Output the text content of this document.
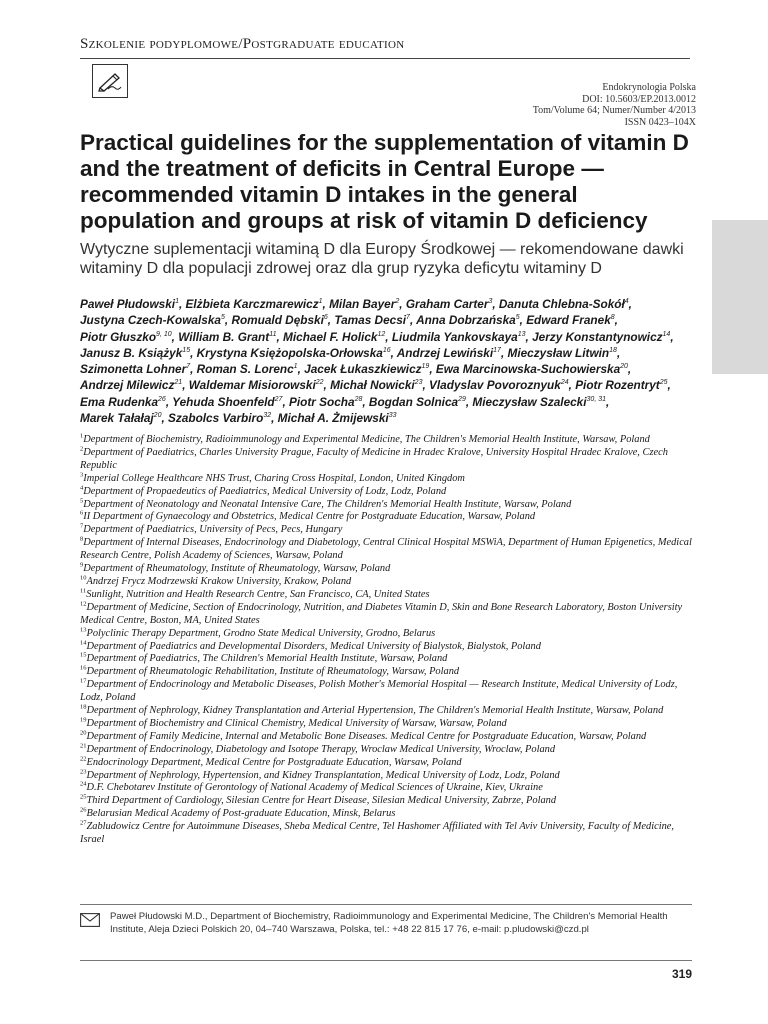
Szkolenie podyplomowe/Postgraduate education
Endokrynologia Polska
DOI: 10.5603/EP.2013.0012
Tom/Volume 64; Numer/Number 4/2013
ISSN 0423–104X
Practical guidelines for the supplementation of vitamin D and the treatment of deficits in Central Europe — recommended vitamin D intakes in the general population and groups at risk of vitamin D deficiency
Wytyczne suplementacji witaminą D dla Europy Środkowej — rekomendowane dawki witaminy D dla populacji zdrowej oraz dla grup ryzyka deficytu witaminy D
Paweł Płudowski$^1$, Elżbieta Karczmarewicz$^1$, Milan Bayer$^2$, Graham Carter$^3$, Danuta Chlebna-Sokół$^4$, Justyna Czech-Kowalska$^5$, Romuald Dębski$^6$, Tamas Decsi$^7$, Anna Dobrzańska$^5$, Edward Franek$^8$, Piotr Głuszko$^{9, 10}$, William B. Grant$^{11}$, Michael F. Holick$^{12}$, Liudmila Yankovskaya$^{13}$, Jerzy Konstantynowicz$^{14}$, Janusz B. Książyk$^{15}$, Krystyna Księżopolska-Orłowska$^{16}$, Andrzej Lewiński$^{17}$, Mieczysław Litwin$^{18}$, Szimonetta Lohner$^7$, Roman S. Lorenc$^1$, Jacek Łukaszkiewicz$^{19}$, Ewa Marcinowska-Suchowierska$^{20}$, Andrzej Milewicz$^{21}$, Waldemar Misiorowski$^{22}$, Michał Nowicki$^{23}$, Vladyslav Povoroznyuk$^{24}$, Piotr Rozentryt$^{25}$, Ema Rudenka$^{26}$, Yehuda Shoenfeld$^{27}$, Piotr Socha$^{28}$, Bogdan Solnica$^{29}$, Mieczysław Szalecki$^{30, 31}$, Marek Tałałaj$^{20}$, Szabolcs Varbiro$^{32}$, Michał A. Żmijewski$^{33}$
$^1$Department of Biochemistry, Radioimmunology and Experimental Medicine, The Children's Memorial Health Institute, Warsaw, Poland
$^2$Department of Paediatrics, Charles University Prague, Faculty of Medicine in Hradec Kralove, University Hospital Hradec Kralove, Czech Republic
$^3$Imperial College Healthcare NHS Trust, Charing Cross Hospital, London, United Kingdom
$^4$Department of Propaedeutics of Paediatrics, Medical University of Lodz, Lodz, Poland
$^5$Department of Neonatology and Neonatal Intensive Care, The Children's Memorial Health Institute, Warsaw, Poland
$^6$II Department of Gynaecology and Obstetrics, Medical Centre for Postgraduate Education, Warsaw, Poland
$^7$Department of Paediatrics, University of Pecs, Pecs, Hungary
$^8$Department of Internal Diseases, Endocrinology and Diabetology, Central Clinical Hospital MSWiA, Department of Human Epigenetics, Medical Research Centre, Polish Academy of Sciences, Warsaw, Poland
$^9$Department of Rheumatology, Institute of Rheumatology, Warsaw, Poland
$^{10}$Andrzej Frycz Modrzewski Krakow University, Krakow, Poland
$^{11}$Sunlight, Nutrition and Health Research Centre, San Francisco, CA, United States
$^{12}$Department of Medicine, Section of Endocrinology, Nutrition, and Diabetes Vitamin D, Skin and Bone Research Laboratory, Boston University Medical Centre, Boston, MA, United States
$^{13}$Polyclinic Therapy Department, Grodno State Medical University, Grodno, Belarus
$^{14}$Department of Paediatrics and Developmental Disorders, Medical University of Bialystok, Bialystok, Poland
$^{15}$Department of Paediatrics, The Children's Memorial Health Institute, Warsaw, Poland
$^{16}$Department of Rheumatologic Rehabilitation, Institute of Rheumatology, Warsaw, Poland
$^{17}$Department of Endocrinology and Metabolic Diseases, Polish Mother's Memorial Hospital — Research Institute, Medical University of Lodz, Lodz, Poland
$^{18}$Department of Nephrology, Kidney Transplantation and Arterial Hypertension, The Children's Memorial Health Institute, Warsaw, Poland
$^{19}$Department of Biochemistry and Clinical Chemistry, Medical University of Warsaw, Warsaw, Poland
$^{20}$Department of Family Medicine, Internal and Metabolic Bone Diseases. Medical Centre for Postgraduate Education, Warsaw, Poland
$^{21}$Department of Endocrinology, Diabetology and Isotope Therapy, Wroclaw Medical University, Wroclaw, Poland
$^{22}$Endocrinology Department, Medical Centre for Postgraduate Education, Warsaw, Poland
$^{23}$Department of Nephrology, Hypertension, and Kidney Transplantation, Medical University of Lodz, Lodz, Poland
$^{24}$D.F. Chebotarev Institute of Gerontology of National Academy of Medical Sciences of Ukraine, Kiev, Ukraine
$^{25}$Third Department of Cardiology, Silesian Centre for Heart Disease, Silesian Medical University, Zabrze, Poland
$^{26}$Belarusian Medical Academy of Post-graduate Education, Minsk, Belarus
$^{27}$Zabludowicz Centre for Autoimmune Diseases, Sheba Medical Centre, Tel Hashomer Affiliated with Tel Aviv University, Faculty of Medicine, Israel
Paweł Płudowski M.D., Department of Biochemistry, Radioimmunology and Experimental Medicine, The Children's Memorial Health Institute, Aleja Dzieci Polskich 20, 04–740 Warszawa, Polska, tel.: +48 22 815 17 76, e-mail: p.pludowski@czd.pl
319
